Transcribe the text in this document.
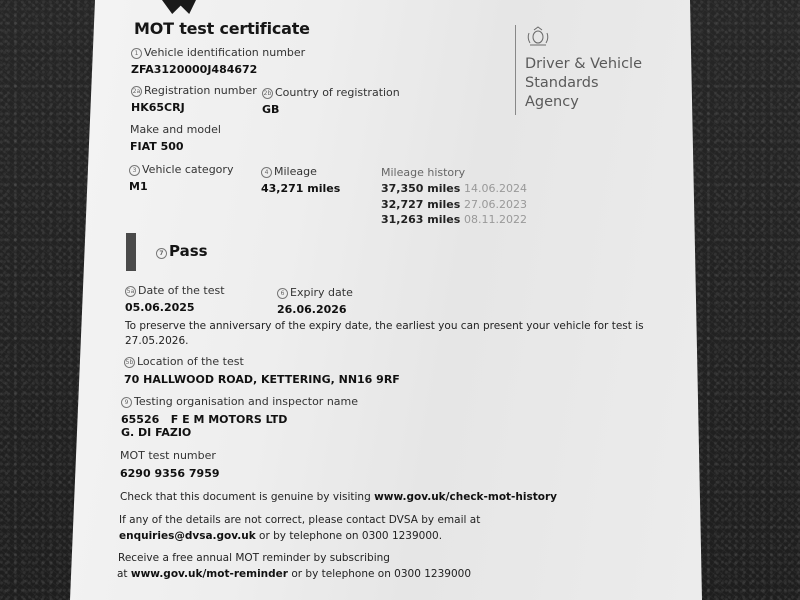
MOT test certificate
Driver & Vehicle
Standards
Agency
1 Vehicle identification number
ZFA3120000J484672
2a Registration number
HK65CRJ
2b Country of registration
GB
Make and model
FIAT 500
3 Vehicle category
M1
4 Mileage
43,271 miles
Mileage history
37,350 miles 14.06.2024
32,727 miles 27.06.2023
31,263 miles 08.11.2022
7 Pass
5a Date of the test
05.06.2025
6 Expiry date
26.06.2026
To preserve the anniversary of the expiry date, the earliest you can present your vehicle for test is
27.05.2026.
5b Location of the test
70 HALLWOOD ROAD, KETTERING, NN16 9RF
9 Testing organisation and inspector name
65526   F E M MOTORS LTD
G. DI FAZIO
MOT test number
6290 9356 7959
Check that this document is genuine by visiting www.gov.uk/check-mot-history
If any of the details are not correct, please contact DVSA by email at
enquiries@dvsa.gov.uk or by telephone on 0300 1239000.
Receive a free annual MOT reminder by subscribing
at www.gov.uk/mot-reminder or by telephone on 0300 1239000
